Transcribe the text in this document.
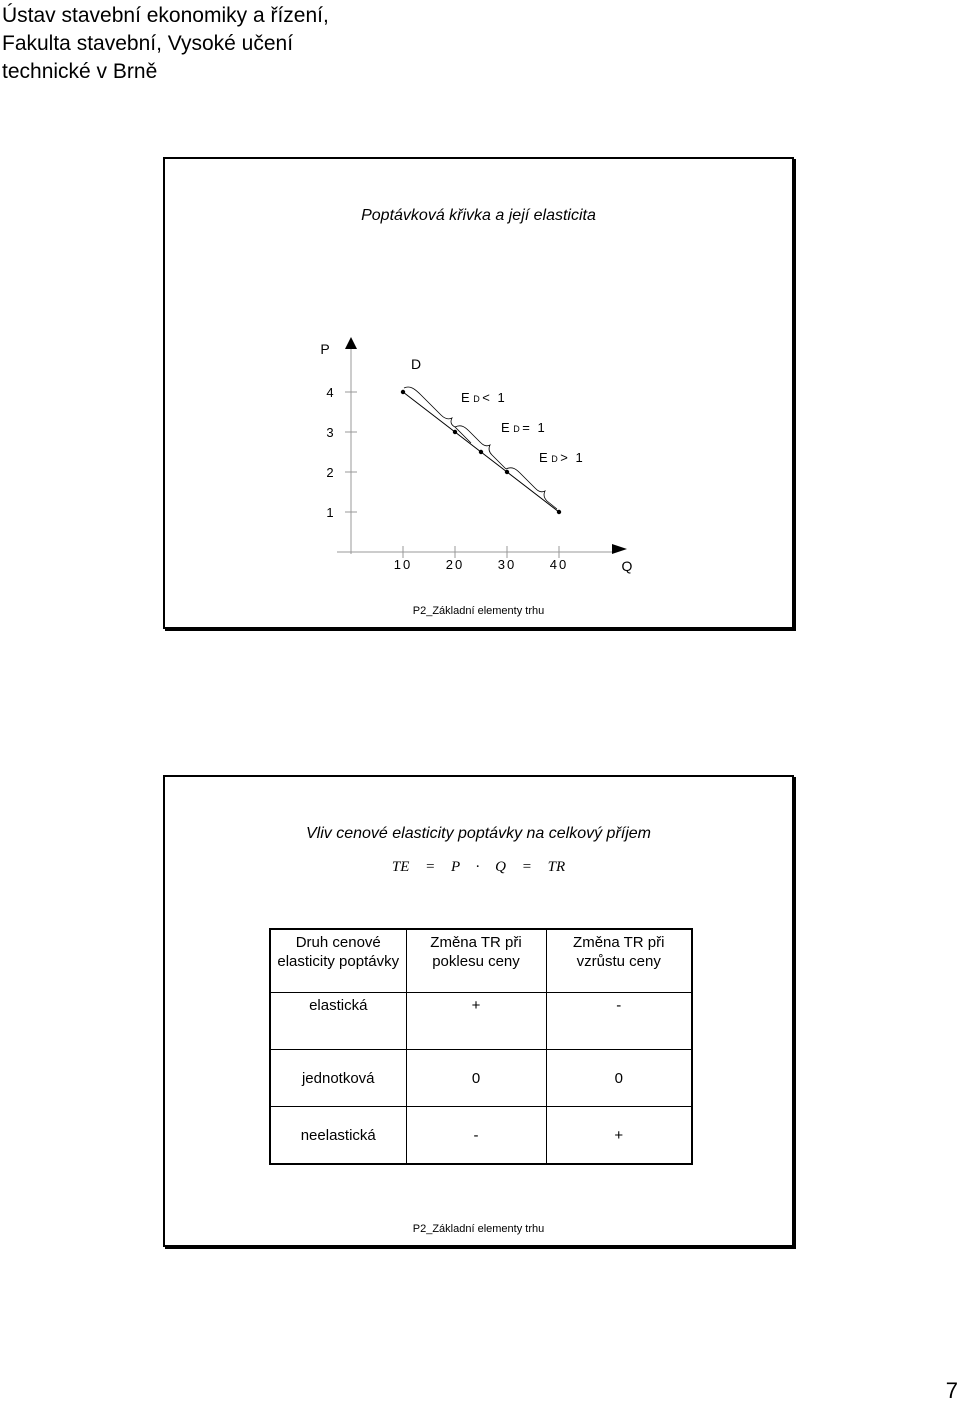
Ústav stavební ekonomiky a řízení,
Fakulta stavební, Vysoké učení
technické v Brně
Poptávková křivka a její elasticita
4
3
2
1
10	20	30	40
P
Q
D
E D < 1
E D = 1
E D > 1
P2_Základní elementy trhu
Vliv cenové elasticity poptávky na celkový příjem
TE = P · Q = TR
Druh cenové elasticity poptávky	Změna TR při poklesu ceny	Změna TR při vzrůstu ceny
elastická	+	-
jednotková	0	0
neelastická	-	+
P2_Základní elementy trhu
7
